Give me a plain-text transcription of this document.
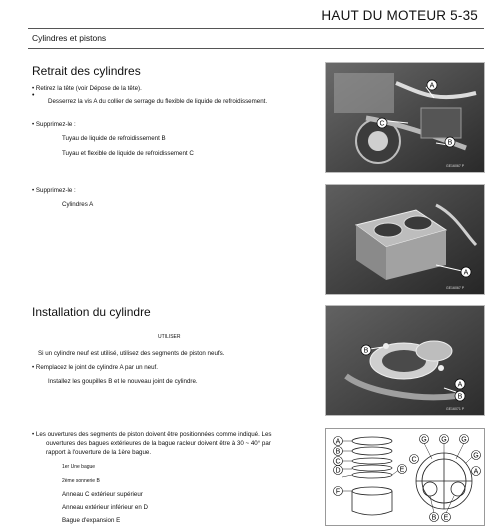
HAUT DU MOTEUR 5-35
Cylindres et pistons
Retrait des cylindres
• Retirez la tête (voir Dépose de la tête).
•
Desserrez la vis A du collier de serrage du flexible de liquide de refroidissement.
• Supprimez-le :
Tuyau de liquide de refroidissement B
Tuyau et flexible de liquide de refroidissement C
• Supprimez-le :
Cylindres A
Installation du cylindre
UTILISER
Si un cylindre neuf est utilisé, utilisez des segments de piston neufs.
• Remplacez le joint de cylindre A par un neuf.
Installez les goupilles B et le nouveau joint de cylindre.
• Les ouvertures des segments de piston doivent être positionnées comme indiqué. Les
ouvertures des bagues extérieures de la bague racleur doivent être à 30 ~ 40° par
rapport à l'ouverture de la 1ère bague.
1er Une bague
2ème sonnerie B
Anneau C extérieur supérieur
Anneau extérieur inférieur en D
Bague d'expansion E
A
C
B
GE16067 P
A
GE16067 P
B
A
B
GE16071 P
A
B
C
D	E
F
G G G
G
C
A
B E
